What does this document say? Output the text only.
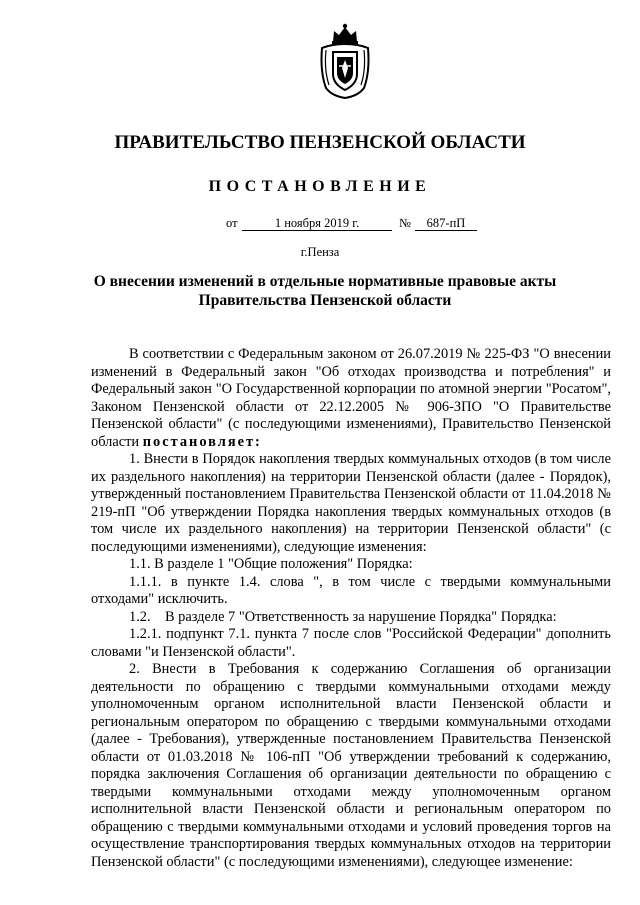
ПРАВИТЕЛЬСТВО ПЕНЗЕНСКОЙ ОБЛАСТИ
ПОСТАНОВЛЕНИЕ
от	1 ноября 2019 г.	№	687-пП
г.Пенза
О внесении изменений в отдельные нормативные правовые акты Правительства Пензенской области

В соответствии с Федеральным законом от 26.07.2019 № 225-ФЗ "О внесении изменений в Федеральный закон "Об отходах производства и потребления" и Федеральный закон "О Государственной корпорации по атомной энергии "Росатом", Законом Пензенской области от 22.12.2005 № 906-ЗПО "О Правительстве Пензенской области" (с последующими изменениями), Правительство Пензенской области постановляет:

1. Внести в Порядок накопления твердых коммунальных отходов (в том числе их раздельного накопления) на территории Пензенской области (далее - Порядок), утвержденный постановлением Правительства Пензенской области от 11.04.2018 № 219-пП "Об утверждении Порядка накопления твердых коммунальных отходов (в том числе их раздельного накопления) на территории Пензенской области" (с последующими изменениями), следующие изменения:

1.1. В разделе 1 "Общие положения" Порядка:

1.1.1. в пункте 1.4. слова ", в том числе с твердыми коммунальными отходами" исключить.

1.2.    В разделе 7 "Ответственность за нарушение Порядка" Порядка:

1.2.1. подпункт 7.1. пункта 7 после слов "Российской Федерации" дополнить словами "и Пензенской области".

2. Внести в Требования к содержанию Соглашения об организации деятельности по обращению с твердыми коммунальными отходами между уполномоченным органом исполнительной власти Пензенской области и региональным оператором по обращению с твердыми коммунальными отходами (далее - Требования), утвержденные постановлением Правительства Пензенской области от 01.03.2018 № 106-пП "Об утверждении требований к содержанию, порядка заключения Соглашения об организации деятельности по обращению с твердыми коммунальными отходами между уполномоченным органом исполнительной власти Пензенской области и региональным оператором по обращению с твердыми коммунальными отходами и условий проведения торгов на осуществление транспортирования твердых коммунальных отходов на территории Пензенской области" (с последующими изменениями), следующее изменение:
